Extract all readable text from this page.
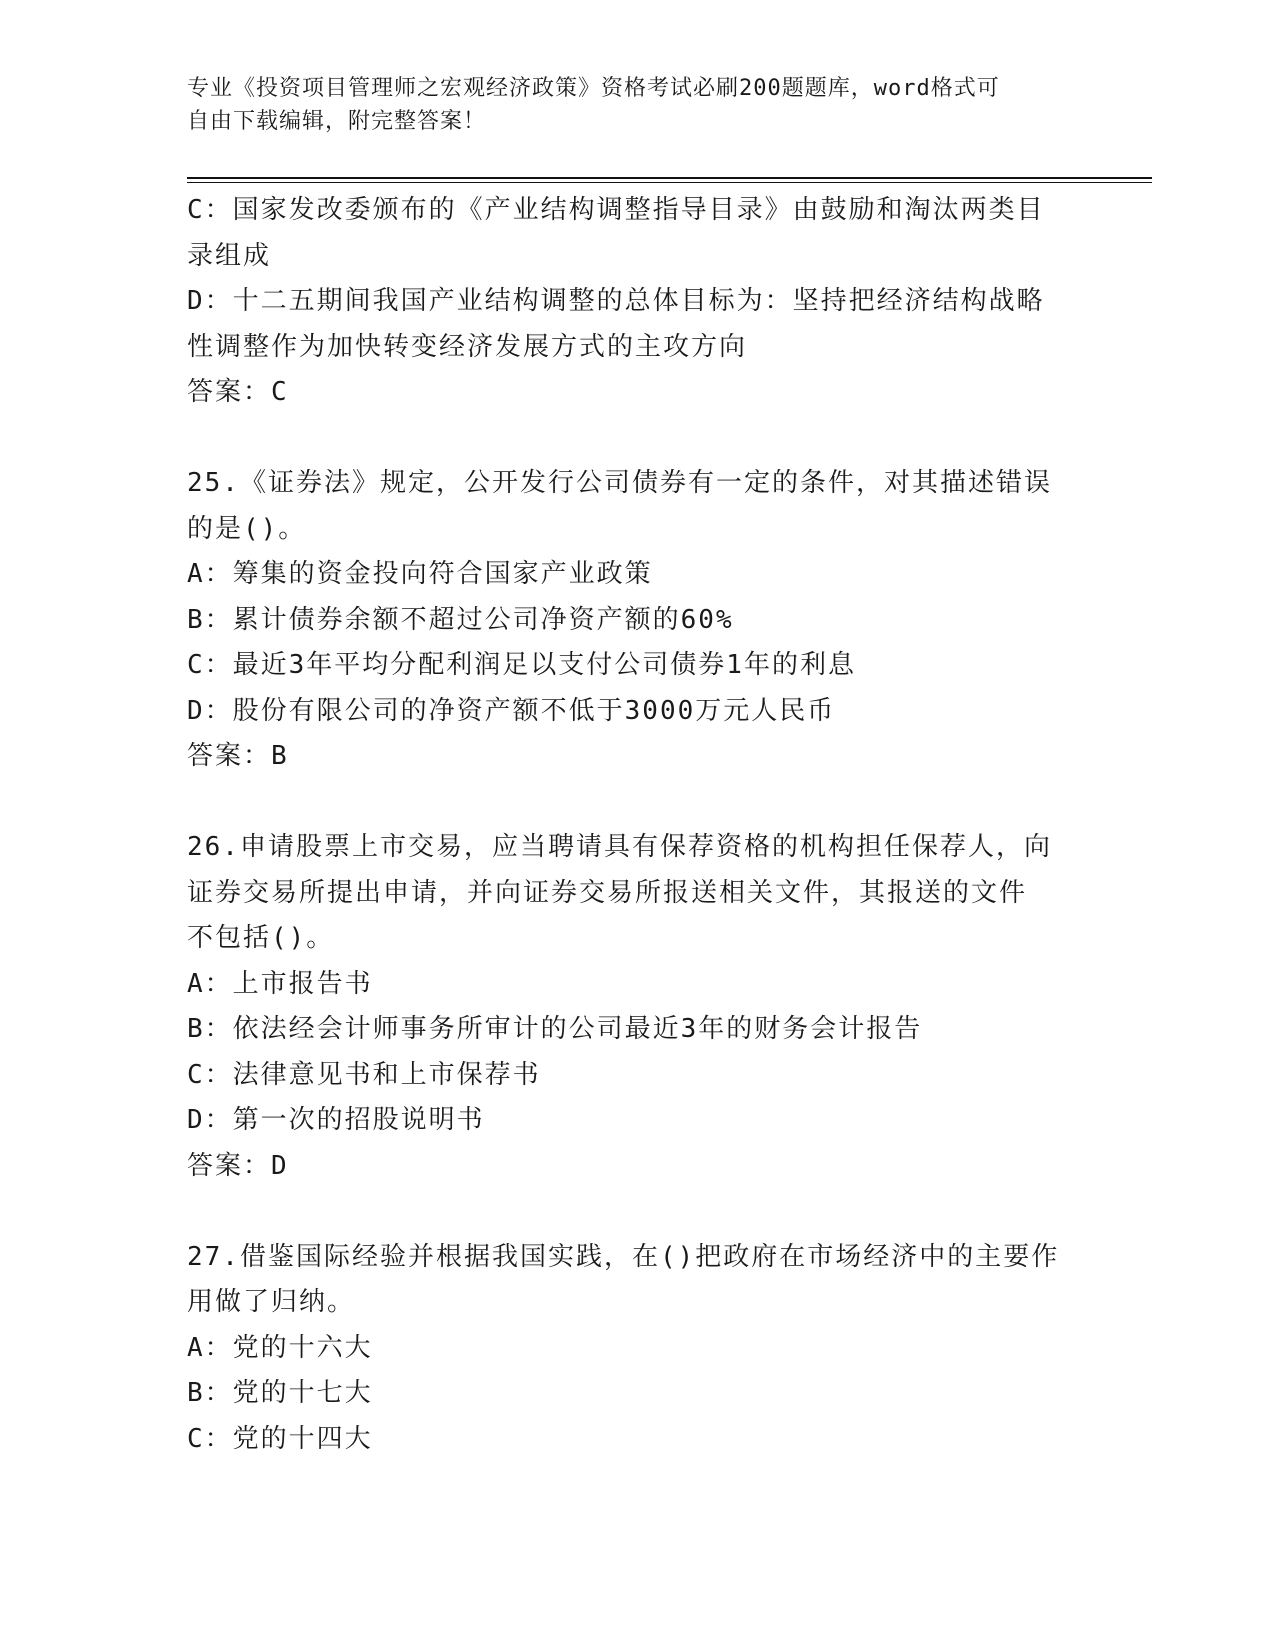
专业《投资项目管理师之宏观经济政策》资格考试必刷200题题库，word格式可
自由下载编辑，附完整答案！
C：国家发改委颁布的《产业结构调整指导目录》由鼓励和淘汰两类目
录组成
D：十二五期间我国产业结构调整的总体目标为：坚持把经济结构战略
性调整作为加快转变经济发展方式的主攻方向
答案：C
25.《证券法》规定，公开发行公司债券有一定的条件，对其描述错误
的是()。
A：筹集的资金投向符合国家产业政策
B：累计债券余额不超过公司净资产额的60%
C：最近3年平均分配利润足以支付公司债券1年的利息
D：股份有限公司的净资产额不低于3000万元人民币
答案：B
26.申请股票上市交易，应当聘请具有保荐资格的机构担任保荐人，向
证券交易所提出申请，并向证券交易所报送相关文件，其报送的文件
不包括()。
A：上市报告书
B：依法经会计师事务所审计的公司最近3年的财务会计报告
C：法律意见书和上市保荐书
D：第一次的招股说明书
答案：D
27.借鉴国际经验并根据我国实践，在()把政府在市场经济中的主要作
用做了归纳。
A：党的十六大
B：党的十七大
C：党的十四大
